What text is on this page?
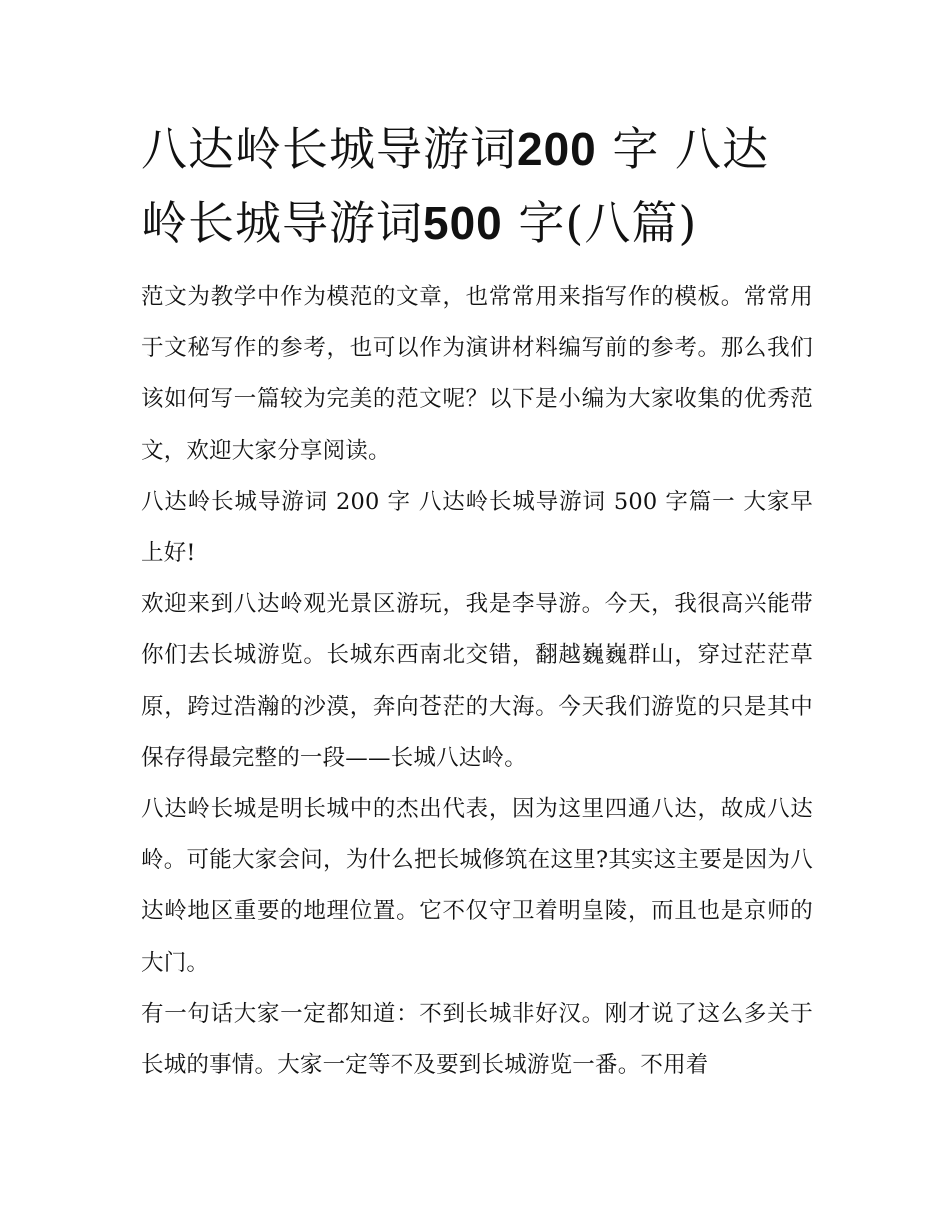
八达岭长城导游词200 字 八达
岭长城导游词500 字(八篇)

范文为教学中作为模范的文章，也常常用来指写作的模板。常常用于文秘写作的参考，也可以作为演讲材料编写前的参考。那么我们该如何写一篇较为完美的范文呢？以下是小编为大家收集的优秀范文，欢迎大家分享阅读。

八达岭长城导游词 200 字 八达岭长城导游词 500 字篇一 大家早上好!

欢迎来到八达岭观光景区游玩，我是李导游。今天，我很高兴能带你们去长城游览。长城东西南北交错，翻越巍巍群山，穿过茫茫草原，跨过浩瀚的沙漠，奔向苍茫的大海。今天我们游览的只是其中保存得最完整的一段——长城八达岭。

八达岭长城是明长城中的杰出代表，因为这里四通八达，故成八达岭。可能大家会问，为什么把长城修筑在这里?其实这主要是因为八达岭地区重要的地理位置。它不仅守卫着明皇陵，而且也是京师的大门。

有一句话大家一定都知道：不到长城非好汉。刚才说了这么多关于长城的事情。大家一定等不及要到长城游览一番。不用着
